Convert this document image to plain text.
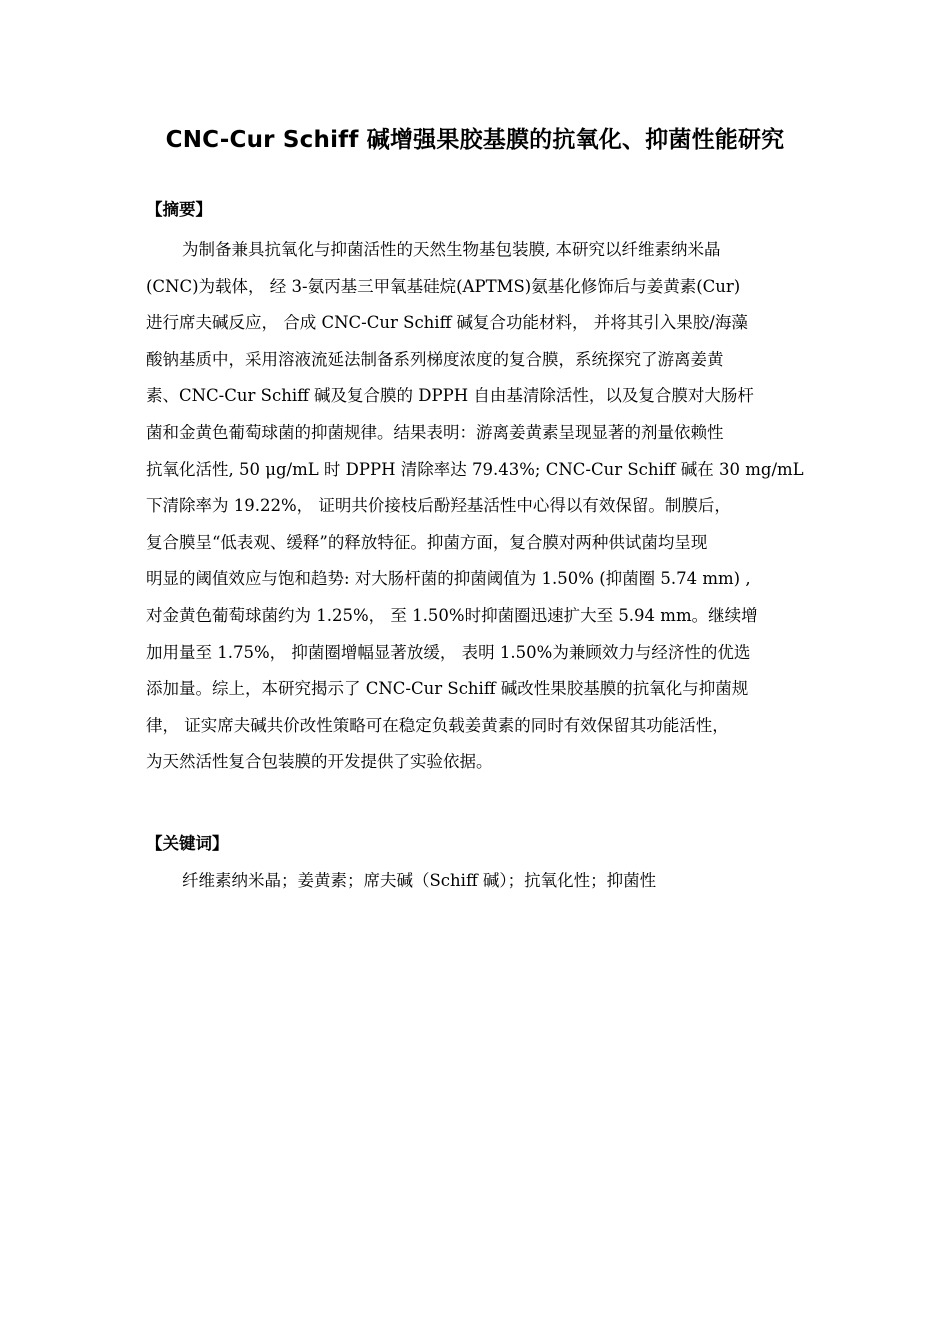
CNC-Cur Schiff 碱增强果胶基膜的抗氧化、抑菌性能研究
【摘要】
为制备兼具抗氧化与抑菌活性的天然生物基包装膜, 本研究以纤维素纳米晶
(CNC)为载体， 经 3-氨丙基三甲氧基硅烷(APTMS)氨基化修饰后与姜黄素(Cur)
进行席夫碱反应， 合成 CNC-Cur Schiff 碱复合功能材料， 并将其引入果胶/海藻
酸钠基质中，采用溶液流延法制备系列梯度浓度的复合膜，系统探究了游离姜黄
素、CNC-Cur Schiff 碱及复合膜的 DPPH 自由基清除活性，以及复合膜对大肠杆
菌和金黄色葡萄球菌的抑菌规律。结果表明：游离姜黄素呈现显著的剂量依赖性
抗氧化活性, 50 μg/mL 时 DPPH 清除率达 79.43%; CNC-Cur Schiff 碱在 30 mg/mL
下清除率为 19.22%， 证明共价接枝后酚羟基活性中心得以有效保留。制膜后，
复合膜呈“低表观、缓释”的释放特征。抑菌方面，复合膜对两种供试菌均呈现
明显的阈值效应与饱和趋势: 对大肠杆菌的抑菌阈值为 1.50% (抑菌圈 5.74 mm) ,
对金黄色葡萄球菌约为 1.25%， 至 1.50%时抑菌圈迅速扩大至 5.94 mm。继续增
加用量至 1.75%， 抑菌圈增幅显著放缓， 表明 1.50%为兼顾效力与经济性的优选
添加量。综上，本研究揭示了 CNC-Cur Schiff 碱改性果胶基膜的抗氧化与抑菌规
律， 证实席夫碱共价改性策略可在稳定负载姜黄素的同时有效保留其功能活性，
为天然活性复合包装膜的开发提供了实验依据。
【关键词】
纤维素纳米晶；姜黄素；席夫碱（Schiff 碱）；抗氧化性；抑菌性
